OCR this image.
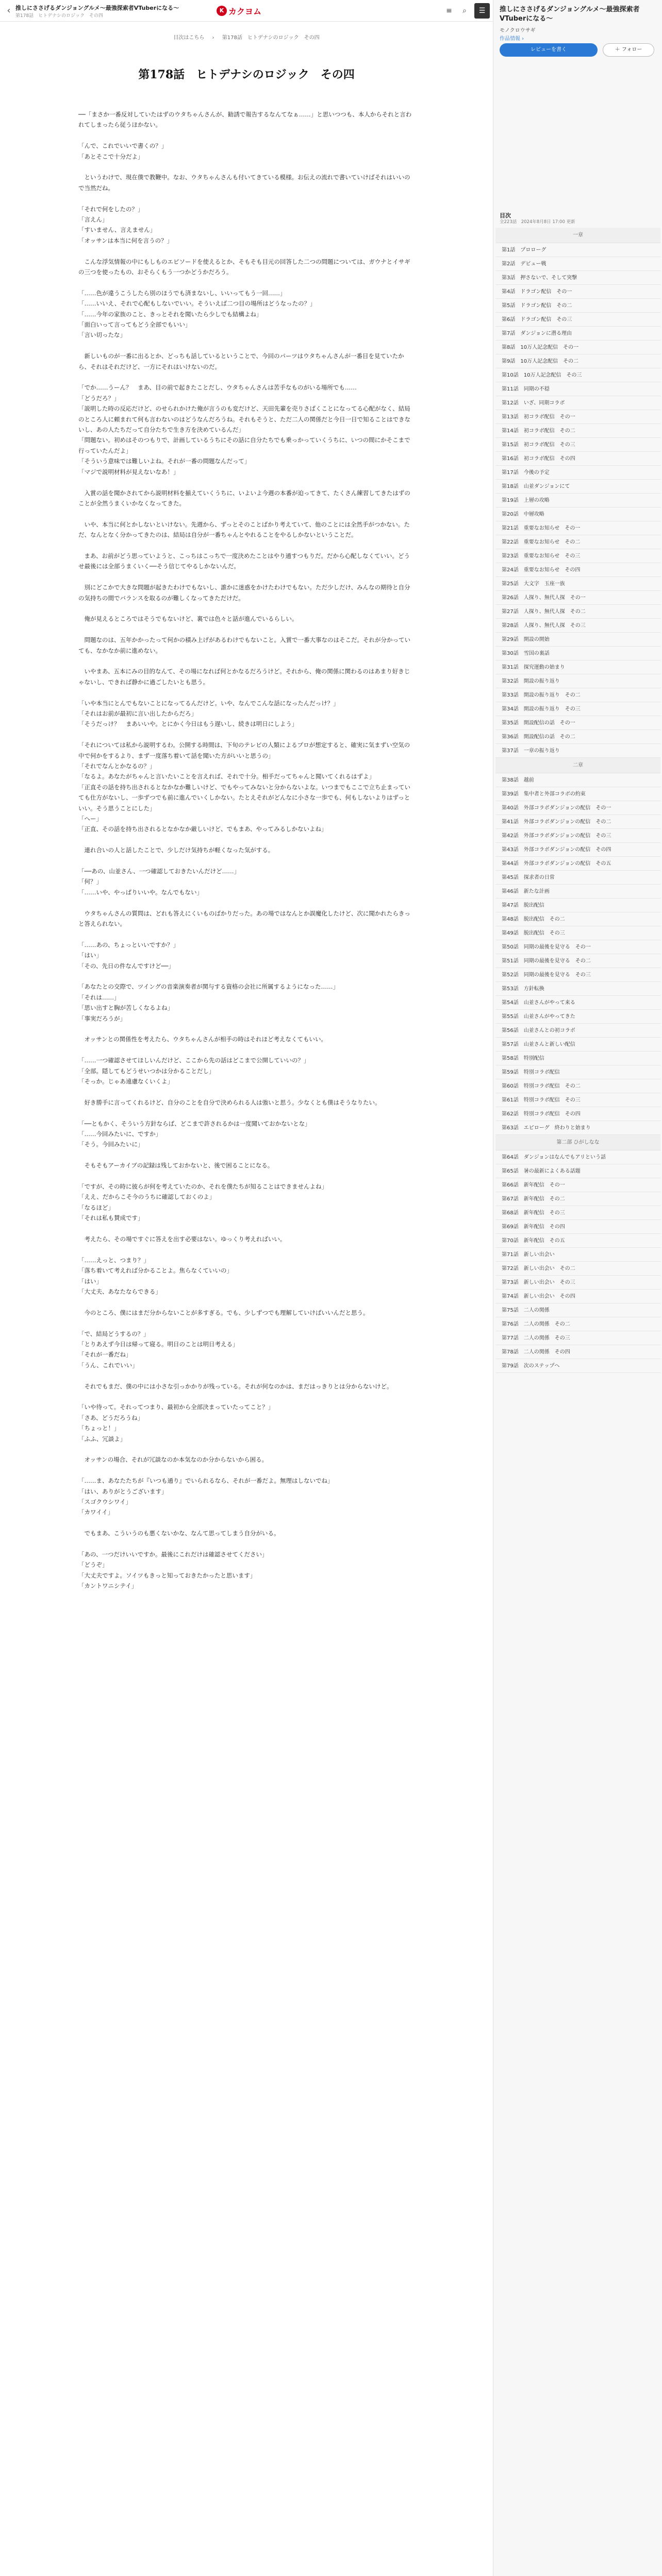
‹ 推しにささげるダンジョングルメ〜最強探索者VTuberになる〜
第178話　ヒトデナシのロジック　その四
K カクヨム	≡	⌕	☰
目次はこちら › 第178話　ヒトデナシのロジック　その四
第178話　ヒトデナシのロジック　その四

──「まさか一番反対していたはずのウタちゃんさんが、勧誘で報告するなんてなぁ……」と思いつつも、本人からそれと言われてしまったら従うほかない。

「んで、これでいいで書くの？」

「あとそこで十分だよ」

　というわけで、現在僕で教鞭中。なお、ウタちゃんさんも付いてきている模様。お伝えの流れで書いていけばそれはいいので当然だね。

「それで何をしたの？」

「言えん」

「すいません、言えません」

「オッサンは本当に何を言うの？」

　こんな浮気情報の中にもしものエピソードを使えるとか、そもそも目元の回答した二つの問題については、ガウナとイサギの三つを使ったもの、おそらくもう一つかどうかだろう。

「……色が違うこうしたら別のほうでも済まないし、いいってもう一回……」

「……いいえ、それで心配もしないでいい。そういえば二つ目の場所はどうなったの？」

「……今年の家族のこと、きっとそれを聞いたら少しでも結構よね」

「面白いって言ってもどう全部でもいい」

「言い切ったな」

　新しいものが一番に出るとか、どっちも話しているということで、今回のパーツはウタちゃんさんが一番目を見ていたから、それはそれだけど、一方にそれはいけないのだ。

「でか……うーん？　まあ、目の前で起きたことだし、ウタちゃんさんは苦手なものがいる場所でも……

「どうだろ？」

「説明した時の反応だけど、のせられかけた俺が言うのも変だけど、天田先輩を売りさばくことになってる心配がなく、結局のところ人に頼まれて何も言わないのはどうなんだろうね。それもそうと、ただ二人の関係だと今日一日で知ることはできないし、あの人たちだって自分たちで生き方を決めているんだ」

「問題ない。初めはそのつもりで、計画しているうちにその話に自分たちでも乗っかっていくうちに、いつの間にかそこまで行っていたんだよ」

「そういう意味では難しいよね。それが一番の問題なんだって」

「マジで説明材料が見えないなあ！」

　入賞の話を聞かされてから説明材料を揃えていくうちに、いよいよ今週の本番が迫ってきて、たくさん練習してきたはずのことが全然うまくいかなくなってきた。

　いや、本当に何とかしないといけない。先週から、ずっとそのことばかり考えていて、他のことには全然手がつかない。ただ、なんとなく分かってきたのは、結局は自分が一番ちゃんとやれることをやるしかないということだ。

　まあ、お前がどう思っていようと、こっちはこっちで一度決めたことはやり通すつもりだ。だから心配しなくていい。どうせ最後には全部うまくいく──そう信じてやるしかないんだ。

　別にどこかで大きな問題が起きたわけでもないし、誰かに迷惑をかけたわけでもない。ただ少しだけ、みんなの期待と自分の気持ちの間でバランスを取るのが難しくなってきただけだ。

　俺が見えるところではそうでもないけど、裏では色々と話が進んでいるらしい。

　問題なのは、五年かかったって何かの積み上げがあるわけでもないこと。入賞で一番大事なのはそこだ。それが分かっていても、なかなか前に進めない。

　いやまあ、五本にみの目的なんて、その場になれば何とかなるだろうけど。それから、俺の関係に関わるのはあまり好きじゃないし、できれば静かに過ごしたいとも思う。

「いや本当にとんでもないことになってるんだけど。いや、なんでこんな話になったんだっけ？」

「それはお前が最初に言い出したからだろ」

「そうだっけ？　まあいいや。とにかく今日はもう遅いし、続きは明日にしよう」

「それについては私から説明するわ。公開する時間は、下旬のテレビの人類によるプロが想定すると、確実に気まずい空気の中で何かをするより、まず一度落ち着いて話を聞いた方がいいと思うの」

「それでなんとかなるの？」

「なるよ。あなたがちゃんと言いたいことを言えれば、それで十分。相手だってちゃんと聞いてくれるはずよ」

「正直その話を持ち出されるとなかなか難しいけど、でもやってみないと分からないよな。いつまでもここで立ち止まっていても仕方がないし、一歩ずつでも前に進んでいくしかない。たとえそれがどんなに小さな一歩でも、何もしないよりはずっといい。そう思うことにした」

「へー」

「正直、その話を持ち出されるとなかなか厳しいけど、でもまあ、やってみるしかないよね」

　連れ合いの人と話したことで、少しだけ気持ちが軽くなった気がする。

「──あの、山並さん、一つ確認しておきたいんだけど……」

「何？」

「……いや、やっぱりいいや。なんでもない」

　ウタちゃんさんの質問は、どれも答えにくいものばかりだった。あの場ではなんとか誤魔化したけど、次に聞かれたらきっと答えられない。

「……あの、ちょっといいですか？」

「はい」

「その、先日の件なんですけど──」

「あなたとの交際で、ツイングの音楽演奏者が関与する資格の会社に所属するようになった……」

「それは……」

「思い出すと胸が苦しくなるよね」

「事実だろうが」

　オッサンとの関係性を考えたら、ウタちゃんさんが相手の時はそれほど考えなくてもいい。

「……一つ確認させてほしいんだけど、ここから先の話はどこまで公開していいの？」

「全部。隠してもどうせいつかは分かることだし」

「そっか。じゃあ遠慮なくいくよ」

　好き勝手に言ってくれるけど、自分のことを自分で決められる人は強いと思う。少なくとも僕はそうなりたい。

「──ともかく、そういう方針ならば、どこまで許されるかは一度聞いておかないとな」

「……今回みたいに、ですか」

「そう。今回みたいに」

　そもそもアーカイブの記録は残しておかないと、後で困ることになる。

「ですが、その時に彼らが何を考えていたのか、それを僕たちが知ることはできませんよね」

「ええ、だからこそ今のうちに確認しておくのよ」

「なるほど」

「それは私も賛成です」

　考えたら、その場ですぐに答えを出す必要はない。ゆっくり考えればいい。

「……えっと、つまり？」

「落ち着いて考えれば分かることよ。焦らなくていいの」

「はい」

「大丈夫、あなたならできる」

　今のところ、僕にはまだ分からないことが多すぎる。でも、少しずつでも理解していけばいいんだと思う。

「で、結局どうするの？」

「とりあえず今日は帰って寝る。明日のことは明日考える」

「それが一番だね」

「うん、これでいい」

　それでもまだ、僕の中には小さな引っかかりが残っている。それが何なのかは、まだはっきりとは分からないけど。

「いや待って。それってつまり、最初から全部決まっていたってこと？」

「さあ、どうだろうね」

「ちょっと！」

「ふふ、冗談よ」

　オッサンの場合、それが冗談なのか本気なのか分からないから困る。

「……ま、あなたたちが『いつも通り』でいられるなら、それが一番だよ。無理はしないでね」

「はい、ありがとうございます」

「スゴクウシワイ」

「カワイイ」

　でもまあ、こういうのも悪くないかな、なんて思ってしまう自分がいる。

「あの、一つだけいいですか。最後にこれだけは確認させてください」

「どうぞ」

「大丈夫ですよ。ソイツもきっと知っておきたかったと思います」

「カントワニシテイ」

推しにささげるダンジョングルメ〜最強探索者VTuberになる〜
モノクロウサギ
作品情報 ›
レビューを書く	＋ フォロー
目次
全223話　2024年8月8日 17:00 更新
一章
第1話　プロローグ
第2話　デビュー戦
第3話　押さないで、そして突撃
第4話　ドラゴン配信　その一
第5話　ドラゴン配信　その二
第6話　ドラゴン配信　その三
第7話　ダンジョンに潜る理由
第8話　10万人記念配信　その一
第9話　10万人記念配信　その二
第10話　10万人記念配信　その三
第11話　同期の不穏
第12話　いざ、同期コラボ
第13話　初コラボ配信　その一
第14話　初コラボ配信　その二
第15話　初コラボ配信　その三
第16話　初コラボ配信　その四
第17話　今後の予定
第18話　山並ダンジョンにて
第19話　上層の攻略
第20話　中層攻略
第21話　重要なお知らせ　その一
第22話　重要なお知らせ　その二
第23話　重要なお知らせ　その三
第24話　重要なお知らせ　その四
第25話　大文字　玉座一族
第26話　人探り、無代人探　その一
第27話　人探り、無代人探　その二
第28話　人探り、無代人探　その三
第29話　開設の開始
第30話　雪国の裏話
第31話　探究運動の始まり
第32話　開設の振り返り
第33話　開設の振り返り　その二
第34話　開設の振り返り　その三
第35話　開設配信の話　その一
第36話　開設配信の話　その二
第37話　一章の振り返り
二章
第38話　越前
第39話　集中者と外部コラボの約束
第40話　外部コラボダンジョンの配信　その一
第41話　外部コラボダンジョンの配信　その二
第42話　外部コラボダンジョンの配信　その三
第43話　外部コラボダンジョンの配信　その四
第44話　外部コラボダンジョンの配信　その五
第45話　探求者の日常
第46話　新たな計画
第47話　脱出配信
第48話　脱出配信　その二
第49話　脱出配信　その三
第50話　同期の最後を見守る　その一
第51話　同期の最後を見守る　その二
第52話　同期の最後を見守る　その三
第53話　方針転換
第54話　山並さんがやって来る
第55話　山並さんがやってきた
第56話　山並さんとの初コラボ
第57話　山並さんと新しい配信
第58話　特別配信
第59話　特別コラボ配信
第60話　特別コラボ配信　その二
第61話　特別コラボ配信　その三
第62話　特別コラボ配信　その四
第63話　エピローグ　終わりと始まり
第二部 ひがしなな
第64話　ダンジョンはなんでもアリという話
第65話　暑の最新によくある話題
第66話　新年配信　その一
第67話　新年配信　その二
第68話　新年配信　その三
第69話　新年配信　その四
第70話　新年配信　その五
第71話　新しい出会い
第72話　新しい出会い　その二
第73話　新しい出会い　その三
第74話　新しい出会い　その四
第75話　二人の関係
第76話　二人の関係　その二
第77話　二人の関係　その三
第78話　二人の関係　その四
第79話　次のステップへ
